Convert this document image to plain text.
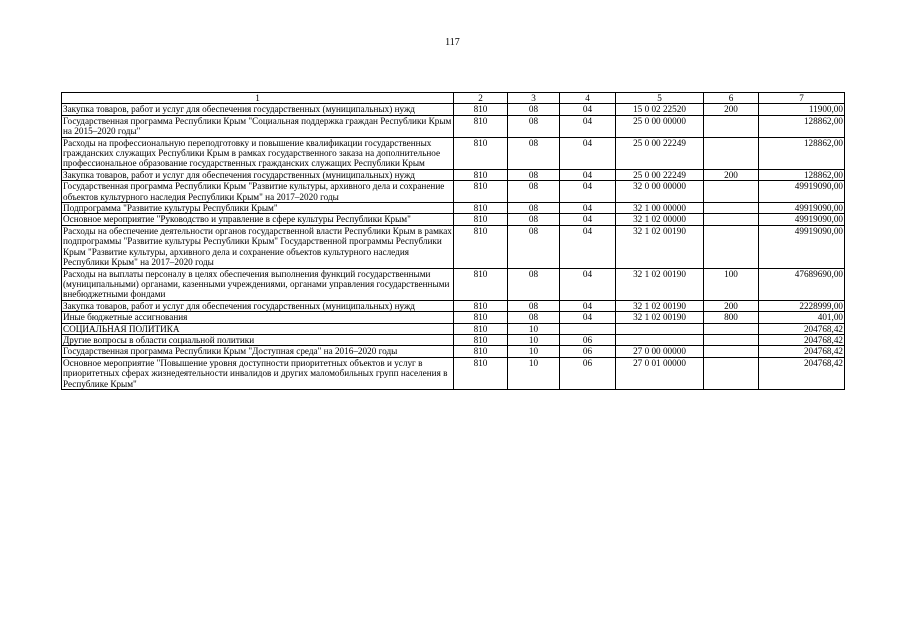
117
1	2	3	4	5	6	7
Закупка товаров, работ и услуг для обеспечения государственных (муниципальных) нужд	810	08	04	15 0 02 22520	200	11900,00
Государственная программа Республики Крым "Социальная поддержка граждан Республики Крым на 2015–2020 годы"	810	08	04	25 0 00 00000		128862,00
Расходы на профессиональную переподготовку и повышение квалификации государственных гражданских служащих Республики Крым в рамках государственного заказа на дополнительное профессиональное образование государственных гражданских служащих Республики Крым	810	08	04	25 0 00 22249		128862,00
Закупка товаров, работ и услуг для обеспечения государственных (муниципальных) нужд	810	08	04	25 0 00 22249	200	128862,00
Государственная программа Республики Крым "Развитие культуры, архивного дела и сохранение объектов культурного наследия Республики Крым" на 2017–2020 годы	810	08	04	32 0 00 00000		49919090,00
Подпрограмма "Развитие культуры Республики Крым"	810	08	04	32 1 00 00000		49919090,00
Основное мероприятие "Руководство и управление в сфере культуры Республики Крым"	810	08	04	32 1 02 00000		49919090,00
Расходы на обеспечение деятельности органов государственной власти Республики Крым в рамках подпрограммы "Развитие культуры Республики Крым" Государственной программы Республики Крым "Развитие культуры, архивного дела и сохранение объектов культурного наследия Республики Крым" на 2017–2020 годы	810	08	04	32 1 02 00190		49919090,00
Расходы на выплаты персоналу в целях обеспечения выполнения функций государственными (муниципальными) органами, казенными учреждениями, органами управления государственными внебюджетными фондами	810	08	04	32 1 02 00190	100	47689690,00
Закупка товаров, работ и услуг для обеспечения государственных (муниципальных) нужд	810	08	04	32 1 02 00190	200	2228999,00
Иные бюджетные ассигнования	810	08	04	32 1 02 00190	800	401,00
СОЦИАЛЬНАЯ ПОЛИТИКА	810	10				204768,42
Другие вопросы в области социальной политики	810	10	06			204768,42
Государственная программа Республики Крым "Доступная среда" на 2016–2020 годы	810	10	06	27 0 00 00000		204768,42
Основное мероприятие "Повышение уровня доступности приоритетных объектов и услуг в приоритетных сферах жизнедеятельности инвалидов и других маломобильных групп населения в Республике Крым"	810	10	06	27 0 01 00000		204768,42
